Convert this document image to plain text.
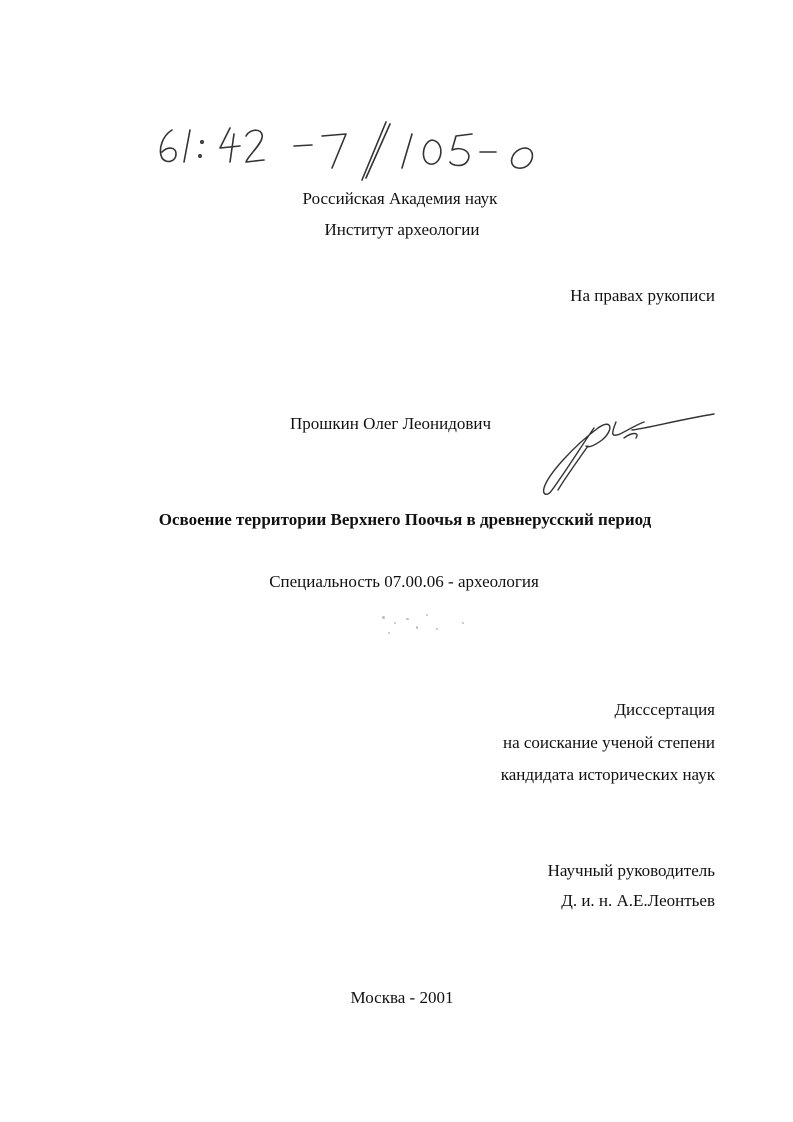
Российская Академия наук
Институт археологии
На правах рукописи
Прошкин Олег Леонидович
Освоение территории Верхнего Поочья в древнерусский период
Специальность 07.00.06 - археология
Дисссертация
на соискание ученой степени
кандидата исторических наук
Научный руководитель
Д. и. н. А.Е.Леонтьев
Москва - 2001
